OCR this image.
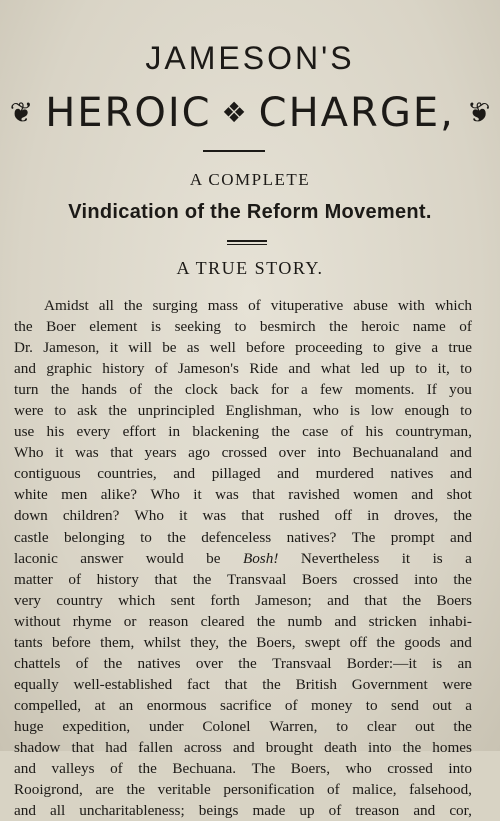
JAMESON'S
❦ HEROIC ❖ CHARGE, ❦
A COMPLETE
Vindication of the Reform Movement.
A TRUE STORY.
Amidst all the surging mass of vituperative abuse with which
the Boer element is seeking to besmirch the heroic name of
Dr. Jameson, it will be as well before proceeding to give a true
and graphic history of Jameson's Ride and what led up to it, to
turn the hands of the clock back for a few moments. If you
were to ask the unprincipled Englishman, who is low enough to
use his every effort in blackening the case of his countryman,
Who it was that years ago crossed over into Bechuanaland and
contiguous countries, and pillaged and murdered natives and
white men alike? Who it was that ravished women and shot
down children? Who it was that rushed off in droves, the
castle belonging to the defenceless natives? The prompt and
laconic answer would be Bosh! Nevertheless it is a
matter of history that the Transvaal Boers crossed into the
very country which sent forth Jameson; and that the Boers
without rhyme or reason cleared the numb and stricken inhabi-
tants before them, whilst they, the Boers, swept off the goods and
chattels of the natives over the Transvaal Border:—it is an
equally well-established fact that the British Government were
compelled, at an enormous sacrifice of money to send out a
huge expedition, under Colonel Warren, to clear out the
shadow that had fallen across and brought death into the homes
and valleys of the Bechuana. The Boers, who crossed into
Rooigrond, are the veritable personification of malice, falsehood,
and all uncharitableness; beings made up of treason and cor,
